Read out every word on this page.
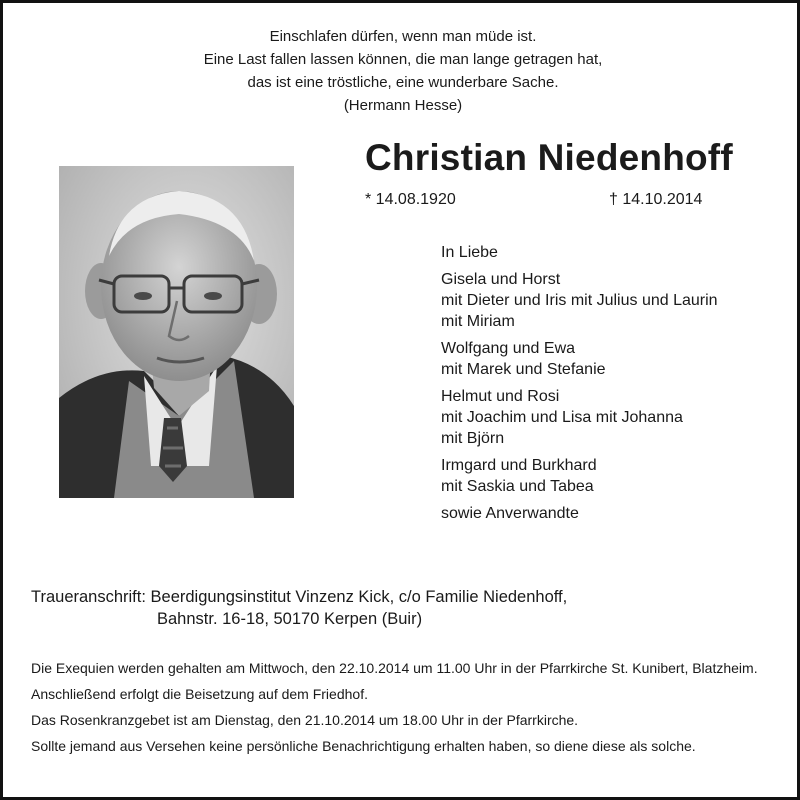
Einschlafen dürfen, wenn man müde ist.
Eine Last fallen lassen können, die man lange getragen hat,
das ist eine tröstliche, eine wunderbare Sache.
(Hermann Hesse)
Christian Niedenhoff
* 14.08.1920	† 14.10.2014
In Liebe
Gisela und Horst
mit Dieter und Iris mit Julius und Laurin
mit Miriam
Wolfgang und Ewa
mit Marek und Stefanie
Helmut und Rosi
mit Joachim und Lisa mit Johanna
mit Björn
Irmgard und Burkhard
mit Saskia und Tabea
sowie Anverwandte
Traueranschrift: Beerdigungsinstitut Vinzenz Kick, c/o Familie Niedenhoff,
Bahnstr. 16-18, 50170 Kerpen (Buir)
Die Exequien werden gehalten am Mittwoch, den 22.10.2014 um 11.00 Uhr in der Pfarrkirche St. Kunibert, Blatzheim.
Anschließend erfolgt die Beisetzung auf dem Friedhof.
Das Rosenkranzgebet ist am Dienstag, den 21.10.2014 um 18.00 Uhr in der Pfarrkirche.
Sollte jemand aus Versehen keine persönliche Benachrichtigung erhalten haben, so diene diese als solche.
